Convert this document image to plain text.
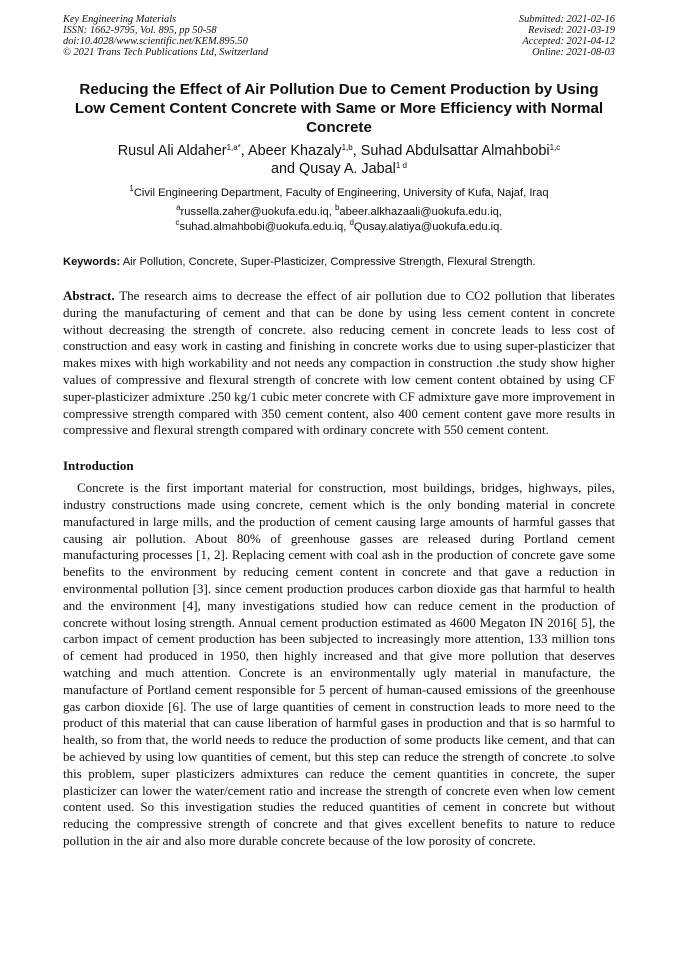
Key Engineering Materials
ISSN: 1662-9795, Vol. 895, pp 50-58
doi:10.4028/www.scientific.net/KEM.895.50
© 2021 Trans Tech Publications Ltd, Switzerland
Submitted: 2021-02-16
Revised: 2021-03-19
Accepted: 2021-04-12
Online: 2021-08-03
Reducing the Effect of Air Pollution Due to Cement Production by Using Low Cement Content Concrete with Same or More Efficiency with Normal Concrete
Rusul Ali Aldaher$^{1,a*}$, Abeer Khazaly$^{1,b}$, Suhad Abdulsattar Almahbobi$^{1,c}$
and Qusay A. Jabal$^{1 d}$
$^1$Civil Engineering Department, Faculty of Engineering, University of Kufa, Najaf, Iraq
$^a$russella.zaher@uokufa.edu.iq, $^b$abeer.alkhazaali@uokufa.edu.iq,
$^c$suhad.almahbobi@uokufa.edu.iq, $^d$Qusay.alatiya@uokufa.edu.iq.
Keywords: Air Pollution, Concrete, Super-Plasticizer, Compressive Strength, Flexural Strength.
Abstract. The research aims to decrease the effect of air pollution due to CO2 pollution that liberates during the manufacturing of cement and that can be done by using less cement content in concrete without decreasing the strength of concrete. also reducing cement in concrete leads to less cost of construction and easy work in casting and finishing in concrete works due to using super-plasticizer that makes mixes with high workability and not needs any compaction in construction .the study show higher values of compressive and flexural strength of concrete with low cement content obtained by using CF super-plasticizer admixture .250 kg/1 cubic meter concrete with CF admixture gave more improvement in compressive strength compared with 350 cement content, also 400 cement content gave more results in compressive and flexural strength compared with ordinary concrete with 550 cement content.
Introduction
Concrete is the first important material for construction, most buildings, bridges, highways, piles, industry constructions made using concrete, cement which is the only bonding material in concrete manufactured in large mills, and the production of cement causing large amounts of harmful gasses that causing air pollution. About 80% of greenhouse gasses are released during Portland cement manufacturing processes [1, 2]. Replacing cement with coal ash in the production of concrete gave some benefits to the environment by reducing cement content in concrete and that gave a reduction in environmental pollution [3]. since cement production produces carbon dioxide gas that harmful to health and the environment [4], many investigations studied how can reduce cement in the production of concrete without losing strength. Annual cement production estimated as 4600 Megaton IN 2016[ 5], the carbon impact of cement production has been subjected to increasingly more attention, 133 million tons of cement had produced in 1950, then highly increased and that give more pollution that deserves watching and much attention. Concrete is an environmentally ugly material in manufacture, the manufacture of Portland cement responsible for 5 percent of human-caused emissions of the greenhouse gas carbon dioxide [6]. The use of large quantities of cement in construction leads to more need to the product of this material that can cause liberation of harmful gases in production and that is so harmful to health, so from that, the world needs to reduce the production of some products like cement, and that can be achieved by using low quantities of cement, but this step can reduce the strength of concrete .to solve this problem, super plasticizers admixtures can reduce the cement quantities in concrete, the super plasticizer can lower the water/cement ratio and increase the strength of concrete even when low cement content used. So this investigation studies the reduced quantities of cement in concrete but without reducing the compressive strength of concrete and that gives excellent benefits to nature to reduce pollution in the air and also more durable concrete because of the low porosity of concrete.
